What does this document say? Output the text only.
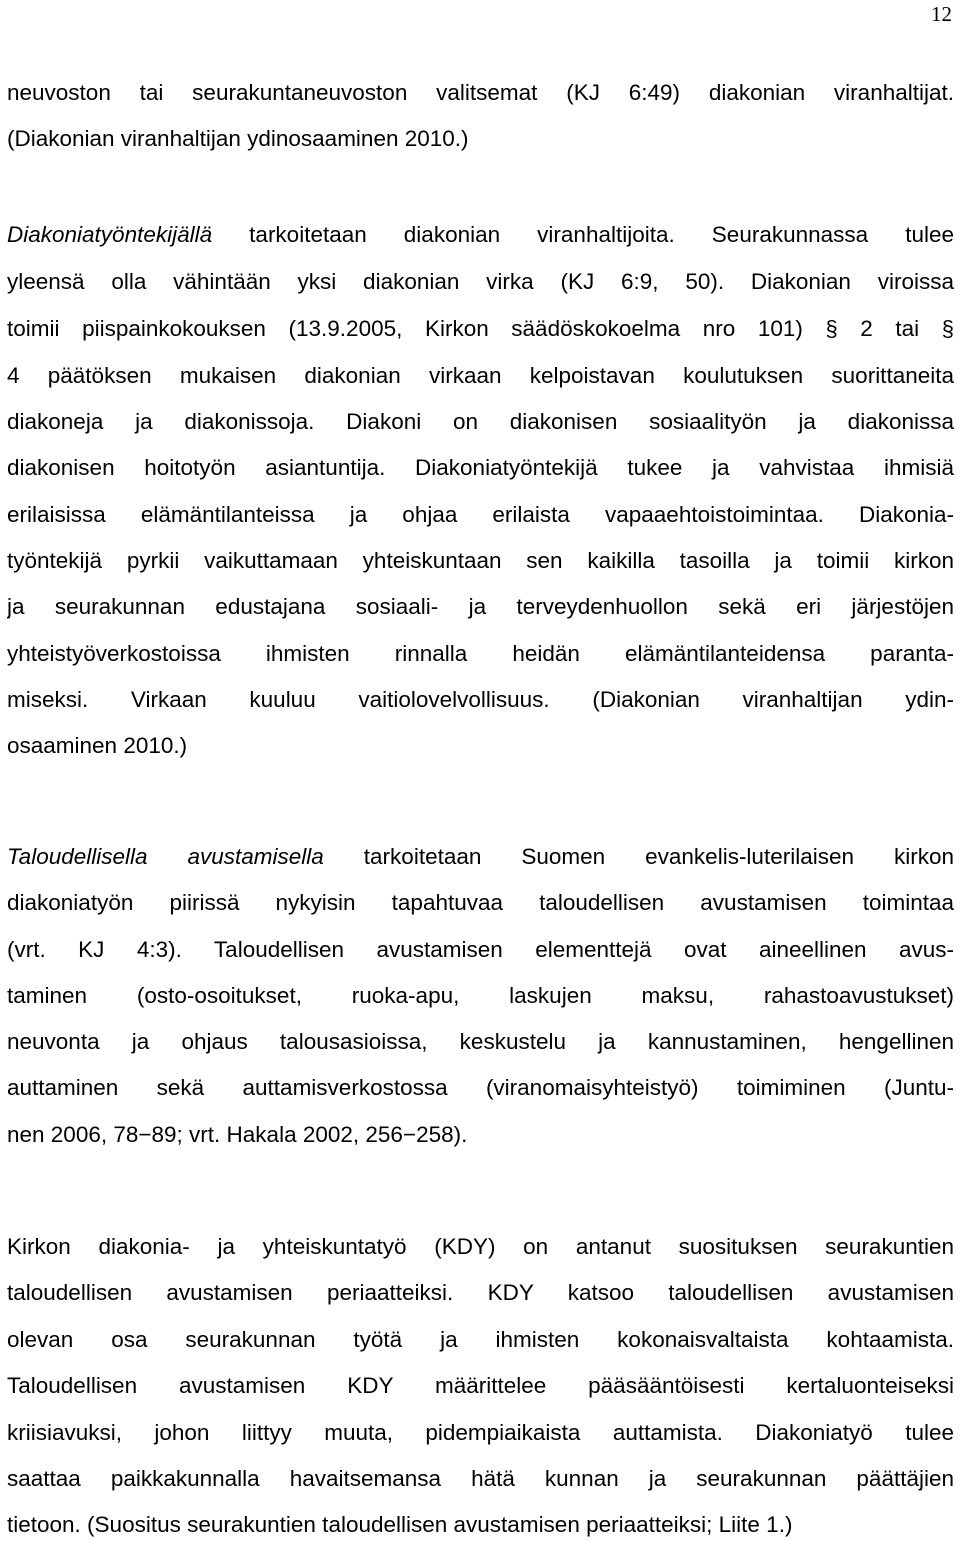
12
neuvoston tai seurakuntaneuvoston valitsemat (KJ 6:49) diakonian viranhaltijat.
(Diakonian viranhaltijan ydinosaaminen 2010.)
Diakoniatyöntekijällä tarkoitetaan diakonian viranhaltijoita. Seurakunnassa tulee
yleensä olla vähintään yksi diakonian virka (KJ 6:9, 50). Diakonian viroissa
toimii piispainkokouksen (13.9.2005, Kirkon säädöskokoelma nro 101) § 2 tai §
4 päätöksen mukaisen diakonian virkaan kelpoistavan koulutuksen suorittaneita
diakoneja ja diakonissoja. Diakoni on diakonisen sosiaalityön ja diakonissa
diakonisen hoitotyön asiantuntija. Diakoniatyöntekijä tukee ja vahvistaa ihmisiä
erilaisissa elämäntilanteissa ja ohjaa erilaista vapaaehtoistoimintaa. Diakonia-
työntekijä pyrkii vaikuttamaan yhteiskuntaan sen kaikilla tasoilla ja toimii kirkon
ja seurakunnan edustajana sosiaali- ja terveydenhuollon sekä eri järjestöjen
yhteistyöverkostoissa ihmisten rinnalla heidän elämäntilanteidensa paranta-
miseksi. Virkaan kuuluu vaitiolovelvollisuus. (Diakonian viranhaltijan ydin-
osaaminen 2010.)
Taloudellisella avustamisella tarkoitetaan Suomen evankelis-luterilaisen kirkon
diakoniatyön piirissä nykyisin tapahtuvaa taloudellisen avustamisen toimintaa
(vrt. KJ 4:3). Taloudellisen avustamisen elementtejä ovat aineellinen avus-
taminen (osto-osoitukset, ruoka-apu, laskujen maksu, rahastoavustukset)
neuvonta ja ohjaus talousasioissa, keskustelu ja kannustaminen, hengellinen
auttaminen sekä auttamisverkostossa (viranomaisyhteistyö) toimiminen (Juntu-
nen 2006, 78−89; vrt. Hakala 2002, 256−258).
Kirkon diakonia- ja yhteiskuntatyö (KDY) on antanut suosituksen seurakuntien
taloudellisen avustamisen periaatteiksi. KDY katsoo taloudellisen avustamisen
olevan osa seurakunnan työtä ja ihmisten kokonaisvaltaista kohtaamista.
Taloudellisen avustamisen KDY määrittelee pääsääntöisesti kertaluonteiseksi
kriisiavuksi, johon liittyy muuta, pidempiaikaista auttamista. Diakoniatyö tulee
saattaa paikkakunnalla havaitsemansa hätä kunnan ja seurakunnan päättäjien
tietoon. (Suositus seurakuntien taloudellisen avustamisen periaatteiksi; Liite 1.)
